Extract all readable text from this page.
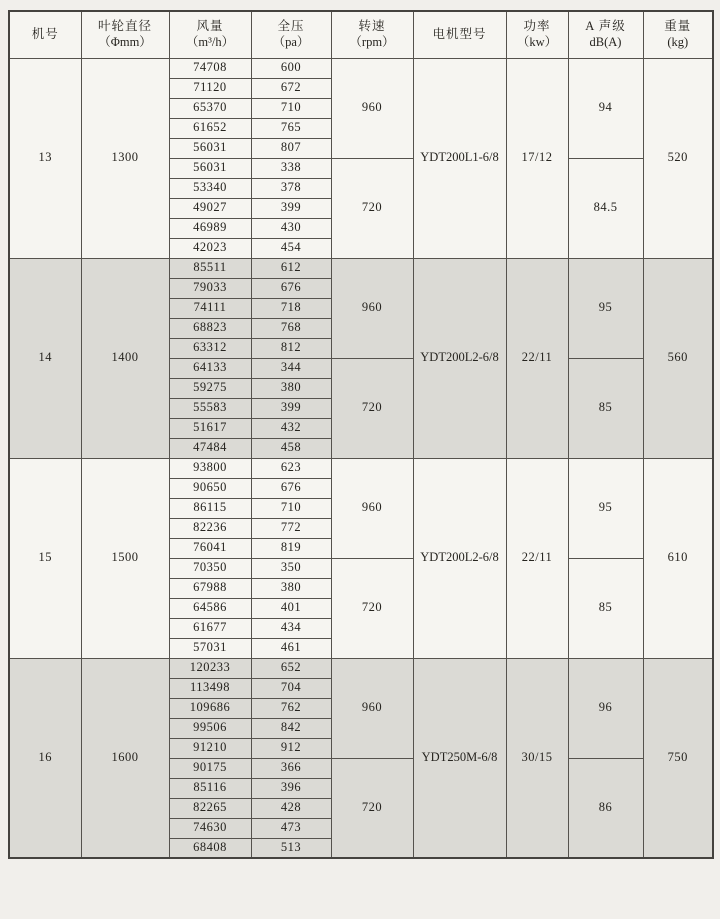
机号

叶轮直径
（Φmm）

风量
（m³/h）

全压
（pa）

转速
（rpm）

电机型号

功率
（kw）

A 声级
dB(A)

重量
(kg)

13	1300	74708	600	960	YDT200L1-6/8	17/12	94	520
		71120	672					
		65370	710					
		61652	765					
		56031	807					
		56031	338	720			84.5	
		53340	378					
		49027	399					
		46989	430					
		42023	454					
14	1400	85511	612	960	YDT200L2-6/8	22/11	95	560
		79033	676					
		74111	718					
		68823	768					
		63312	812					
		64133	344	720			85	
		59275	380					
		55583	399					
		51617	432					
		47484	458					
15	1500	93800	623	960	YDT200L2-6/8	22/11	95	610
		90650	676					
		86115	710					
		82236	772					
		76041	819					
		70350	350	720			85	
		67988	380					
		64586	401					
		61677	434					
		57031	461					
16	1600	120233	652	960	YDT250M-6/8	30/15	96	750
		113498	704					
		109686	762					
		99506	842					
		91210	912					
		90175	366	720			86	
		85116	396					
		82265	428					
		74630	473					
		68408	513					
